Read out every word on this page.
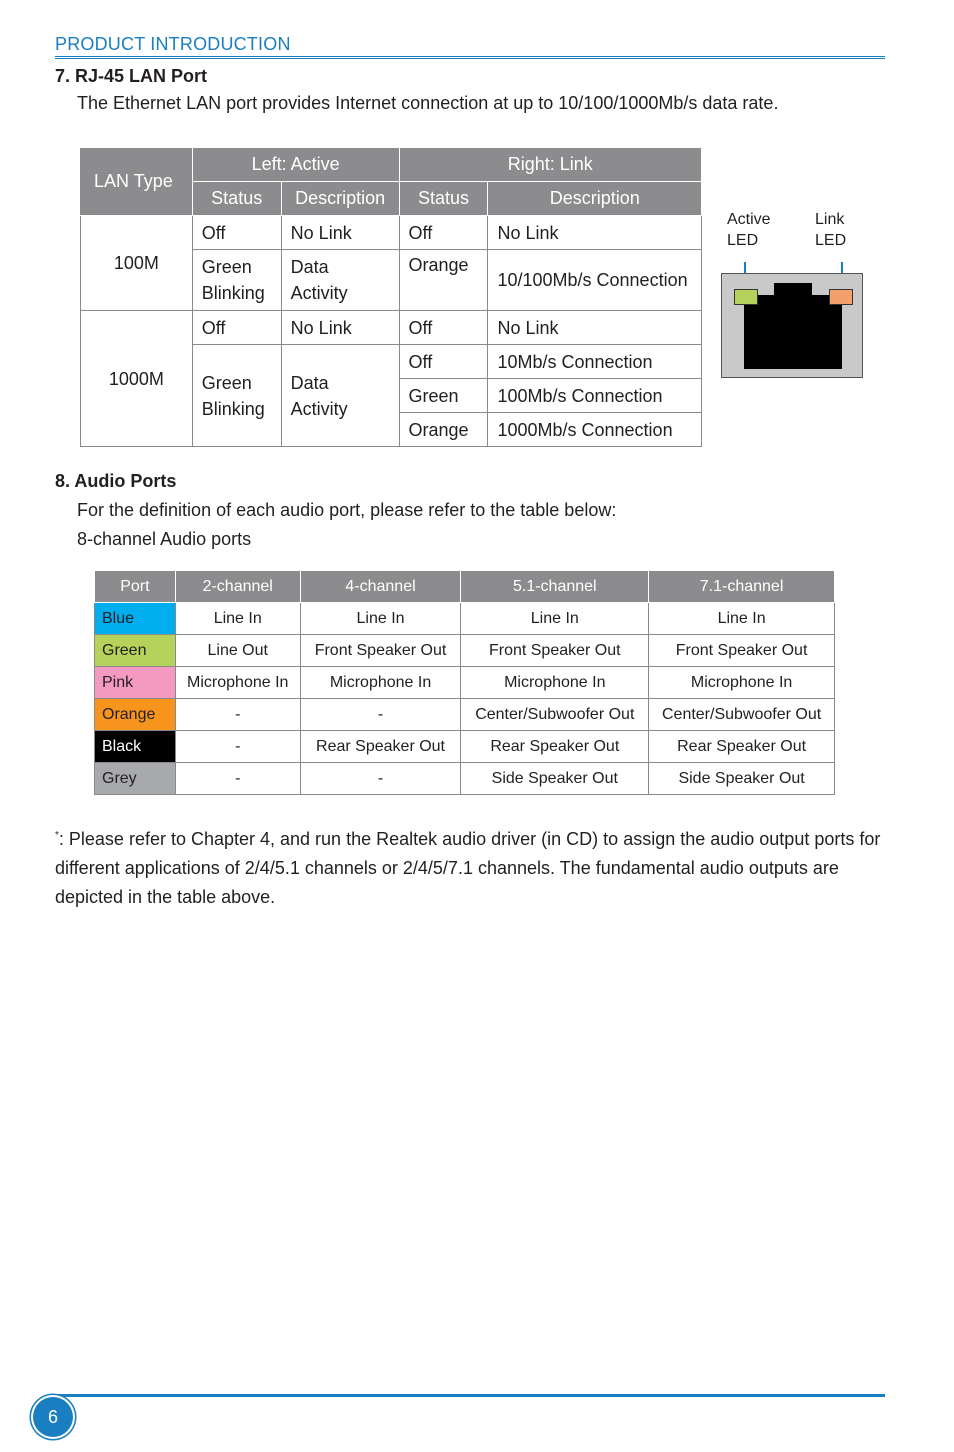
PRODUCT INTRODUCTION
7. RJ-45 LAN Port
The Ethernet LAN port provides Internet connection at up to 10/100/1000Mb/s data rate.
LAN Type	Left: Active		Right: Link	
	Status	Description	Status	Description
100M	Off	No Link	Off	No Link
	Green Blinking	Data Activity	Orange	10/100Mb/s Connection
1000M	Off	No Link	Off	No Link
	Green Blinking	Data Activity	Off	10Mb/s Connection
			Green	100Mb/s Connection
			Orange	1000Mb/s Connection
Active
LED
Link
LED
8. Audio Ports
For the definition of each audio port, please refer to the table below:
8-channel Audio ports
Port	2-channel	4-channel	5.1-channel	7.1-channel
Blue	Line In	Line In	Line In	Line In
Green	Line Out	Front Speaker Out	Front Speaker Out	Front Speaker Out
Pink	Microphone In	Microphone In	Microphone In	Microphone In
Orange	-	-	Center/Subwoofer Out	Center/Subwoofer Out
Black	-	Rear Speaker Out	Rear Speaker Out	Rear Speaker Out
Grey	-	-	Side Speaker Out	Side Speaker Out
*: Please refer to Chapter 4, and run the Realtek audio driver (in CD) to assign the audio output ports for different applications of 2/4/5.1 channels or 2/4/5/7.1 channels. The fundamental audio outputs are depicted in the table above.
6
